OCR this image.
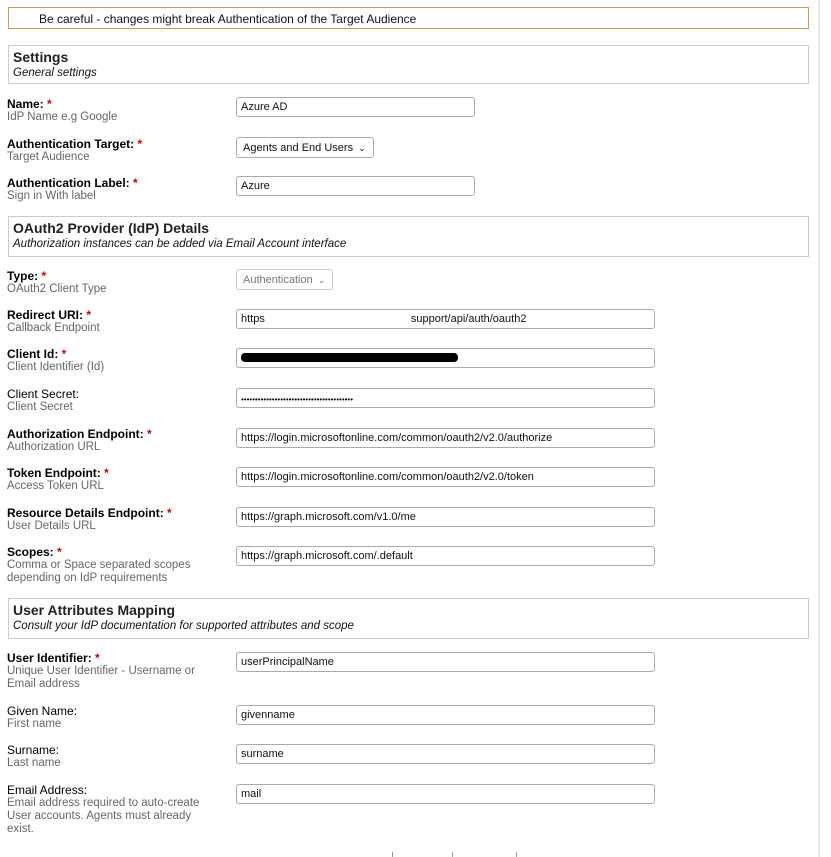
Be careful - changes might break Authentication of the Target Audience
Settings
General settings
Name: *
IdP Name e.g Google
Azure AD
Authentication Target: *
Target Audience
Agents and End Users ⌄
Authentication Label: *
Sign in With label
Azure
OAuth2 Provider (IdP) Details
Authorization instances can be added via Email Account interface
Type: *
OAuth2 Client Type
Authentication ⌄
Redirect URI: *
Callback Endpoint
https	support/api/auth/oauth2
Client Id: *
Client Identifier (Id)
Client Secret:
Client Secret
••••••••••••••••••••••••••••••••••••••••
Authorization Endpoint: *
Authorization URL
https://login.microsoftonline.com/common/oauth2/v2.0/authorize
Token Endpoint: *
Access Token URL
https://login.microsoftonline.com/common/oauth2/v2.0/token
Resource Details Endpoint: *
User Details URL
https://graph.microsoft.com/v1.0/me
Scopes: *
Comma or Space separated scopes
depending on IdP requirements
https://graph.microsoft.com/.default
User Attributes Mapping
Consult your IdP documentation for supported attributes and scope
User Identifier: *
Unique User Identifier - Username or
Email address
userPrincipalName
Given Name:
First name
givenname
Surname:
Last name
surname
Email Address:
Email address required to auto-create
User accounts. Agents must already
exist.
mail
